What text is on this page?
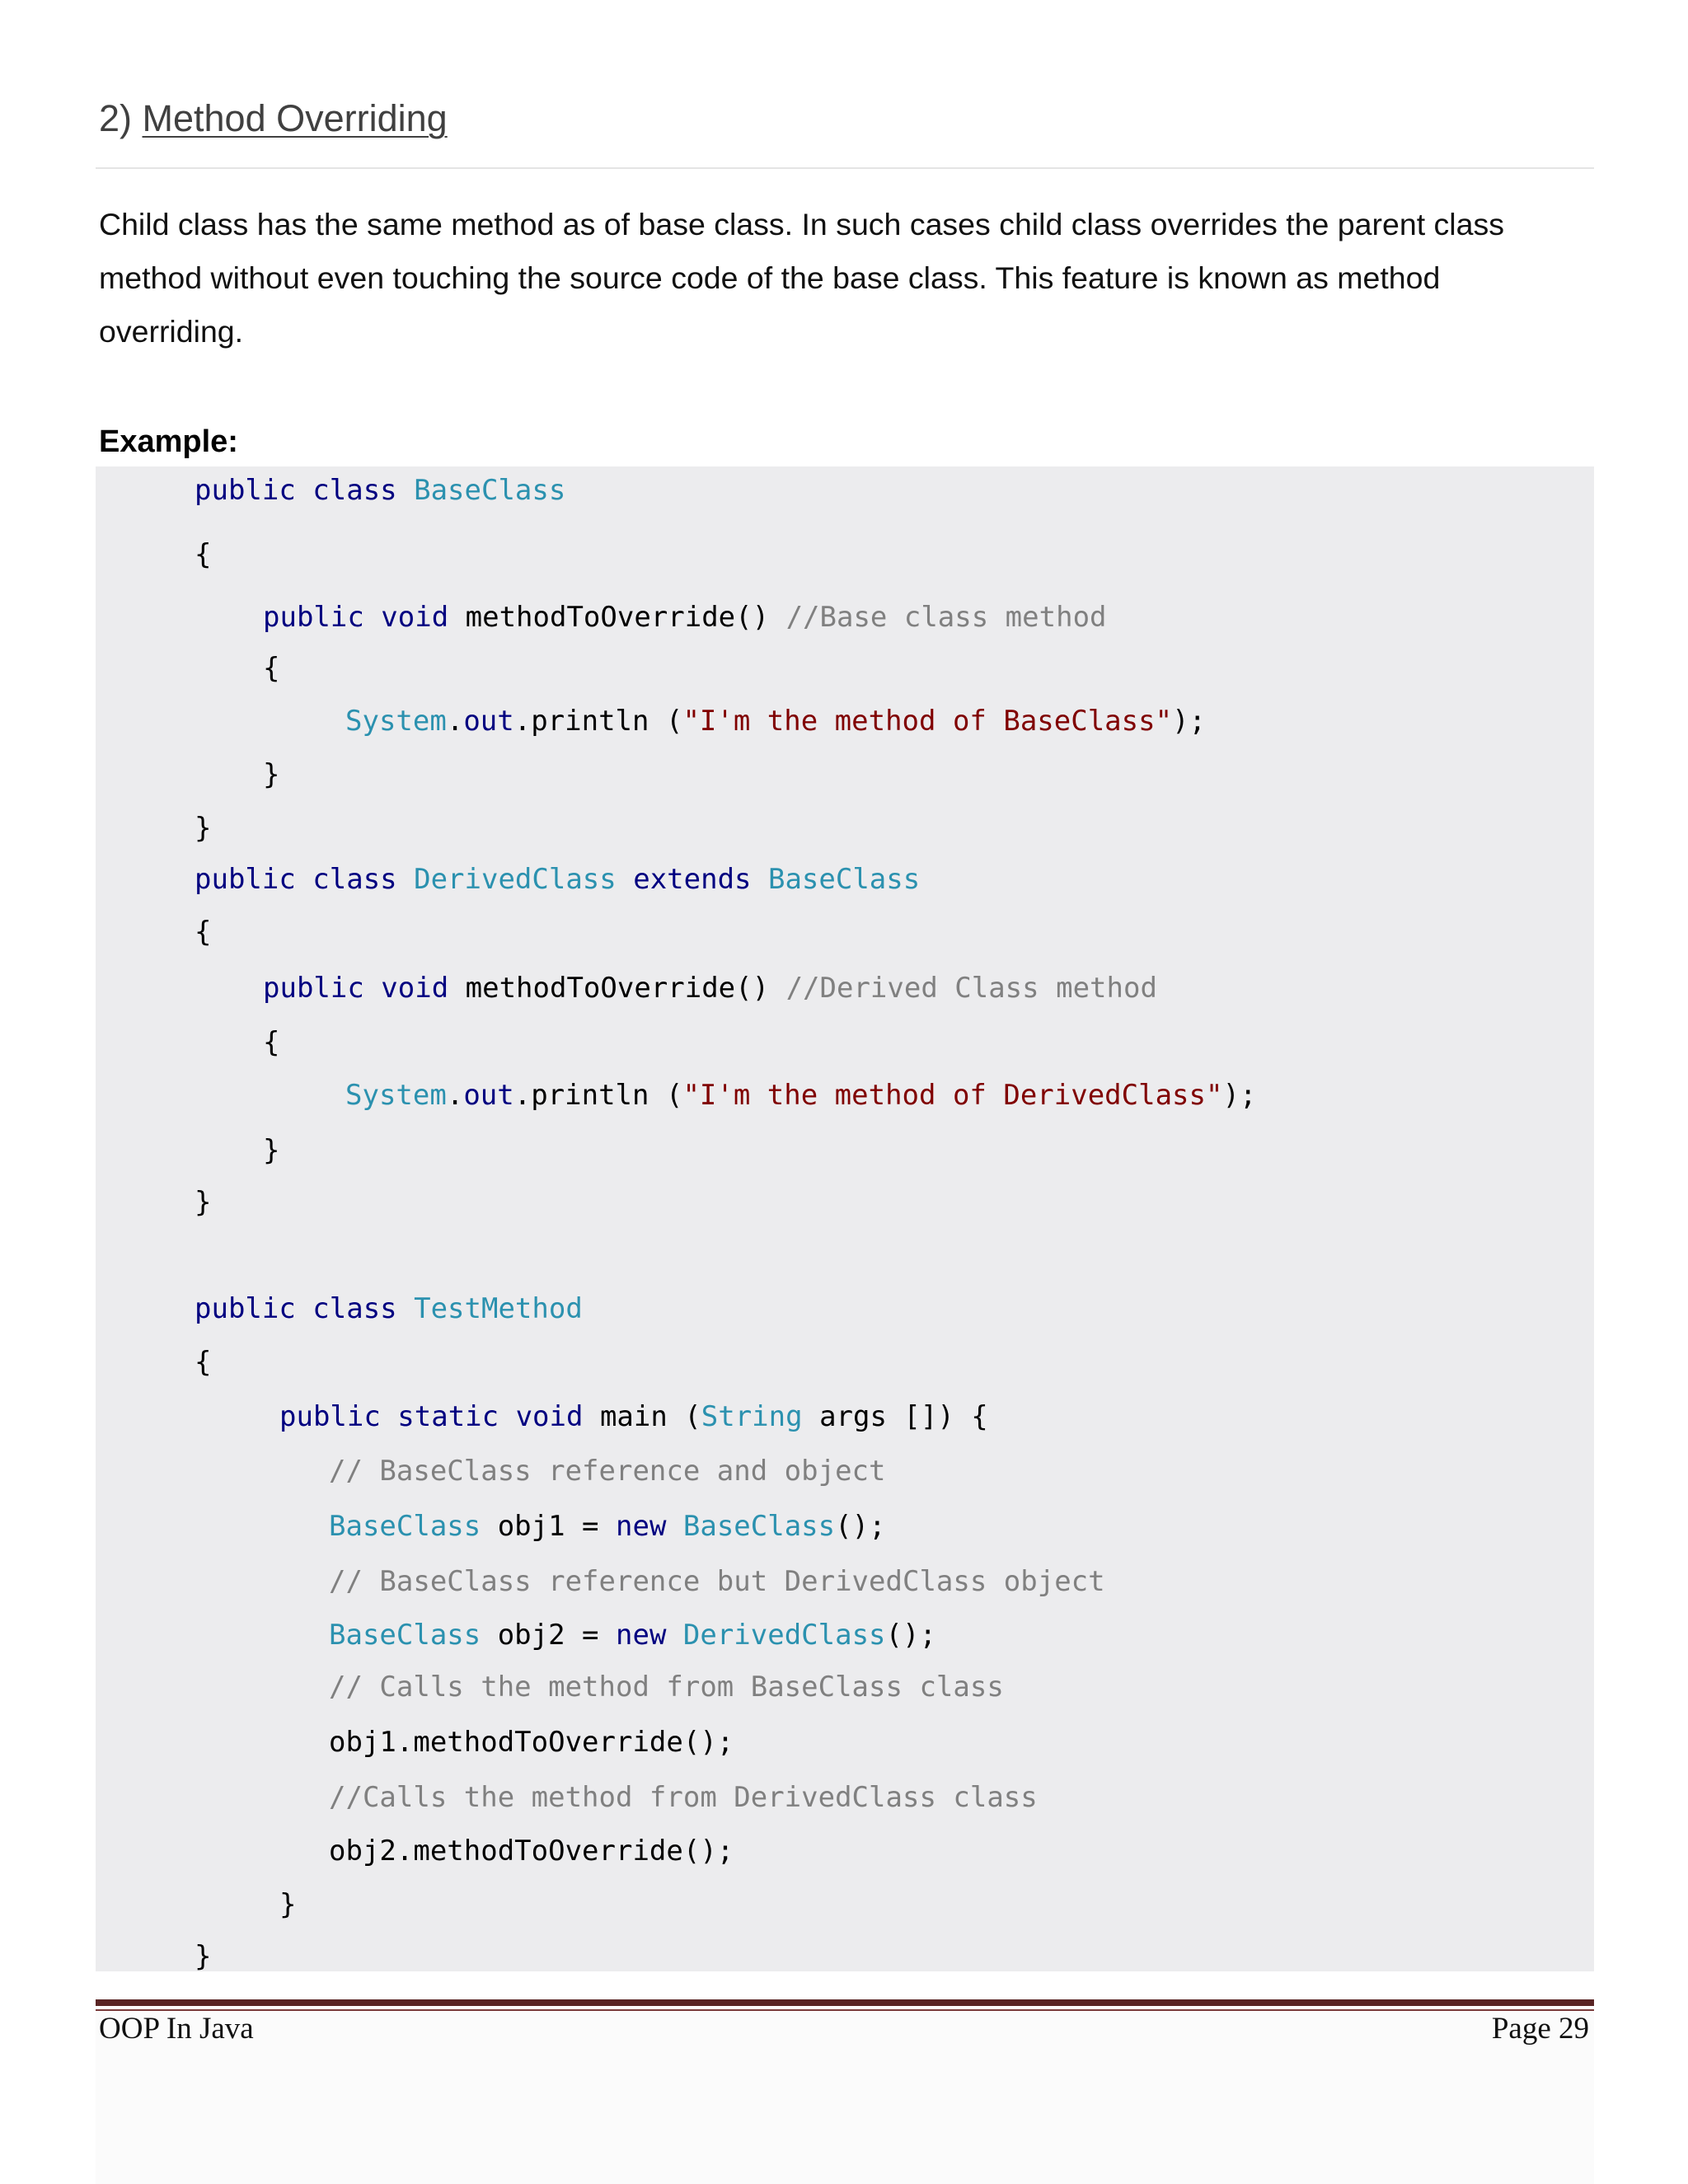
2) Method Overriding

Child class has the same method as of base class. In such cases child class overrides the parent class method without even touching the source code of the base class. This feature is known as method overriding.

Example:
public class BaseClass
{
public void methodToOverride() //Base class method
{
System.out.println ("I'm the method of BaseClass");
}
}
public class DerivedClass extends BaseClass
{
public void methodToOverride() //Derived Class method
{
System.out.println ("I'm the method of DerivedClass");
}
}
public class TestMethod
{
public static void main (String args []) {
// BaseClass reference and object
BaseClass obj1 = new BaseClass();
// BaseClass reference but DerivedClass object
BaseClass obj2 = new DerivedClass();
// Calls the method from BaseClass class
obj1.methodToOverride();
//Calls the method from DerivedClass class
obj2.methodToOverride();
}
}
OOP In Java	Page 29
